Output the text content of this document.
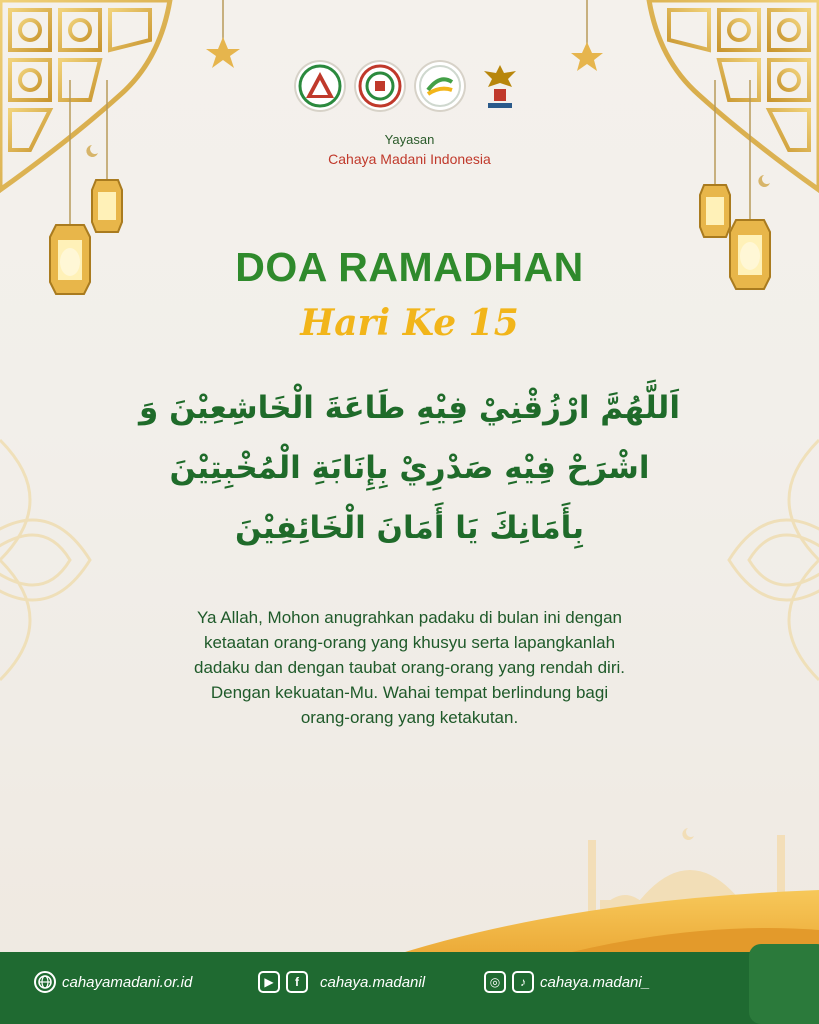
Yayasan
Cahaya Madani Indonesia
DOA RAMADHAN
Hari Ke 15
اَللَّهُمَّ ارْزُقْنِيْ فِيْهِ طَاعَةَ الْخَاشِعِيْنَ وَ
اشْرَحْ فِيْهِ صَدْرِيْ بِإِنَابَةِ الْمُخْبِتِيْنَ
بِأَمَانِكَ يَا أَمَانَ الْخَائِفِيْنَ
Ya Allah, Mohon anugrahkan padaku di bulan ini dengan
ketaatan orang-orang yang khusyu serta lapangkanlah
dadaku dan dengan taubat orang-orang yang rendah diri.
Dengan kekuatan-Mu. Wahai tempat berlindung bagi
orang-orang yang ketakutan.
cahayamadani.or.id	▶	f	cahaya.madanil	◎	♪ cahaya.madani_
